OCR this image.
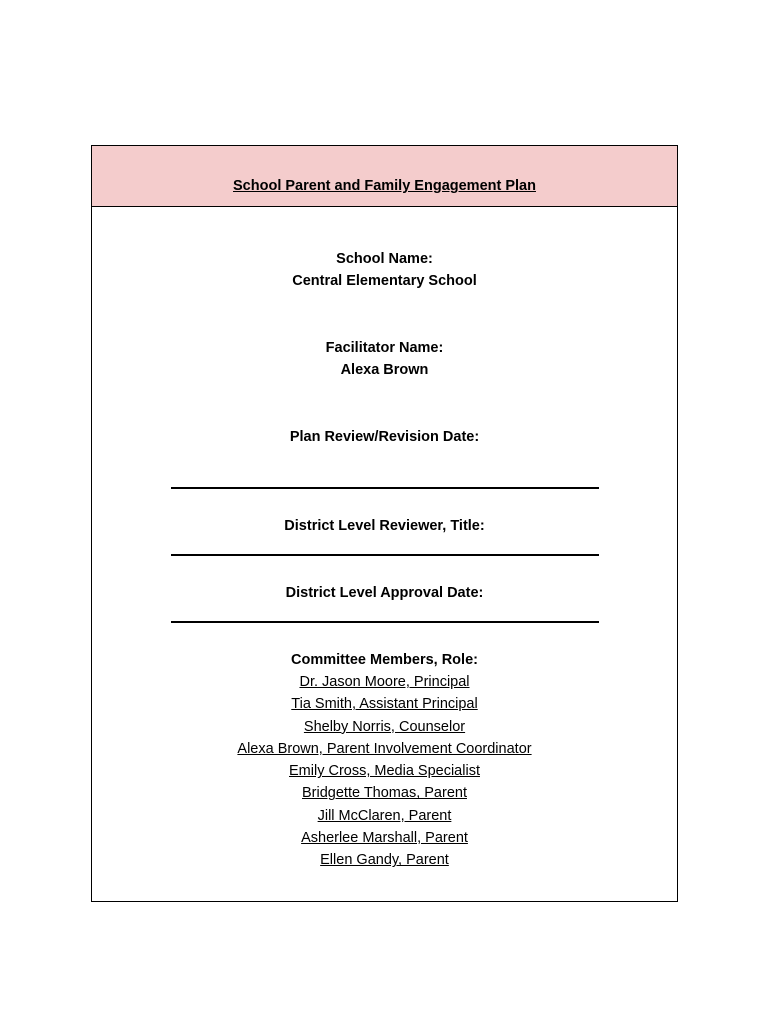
School Parent and Family Engagement Plan
School Name:
Central Elementary School
Facilitator Name:
Alexa Brown
Plan Review/Revision Date:
District Level Reviewer, Title:
District Level Approval Date:
Committee Members, Role:
Dr. Jason Moore, Principal
Tia Smith, Assistant Principal
Shelby Norris, Counselor
Alexa Brown, Parent Involvement Coordinator
Emily Cross, Media Specialist
Bridgette Thomas, Parent
Jill McClaren, Parent
Asherlee Marshall, Parent
Ellen Gandy, Parent
